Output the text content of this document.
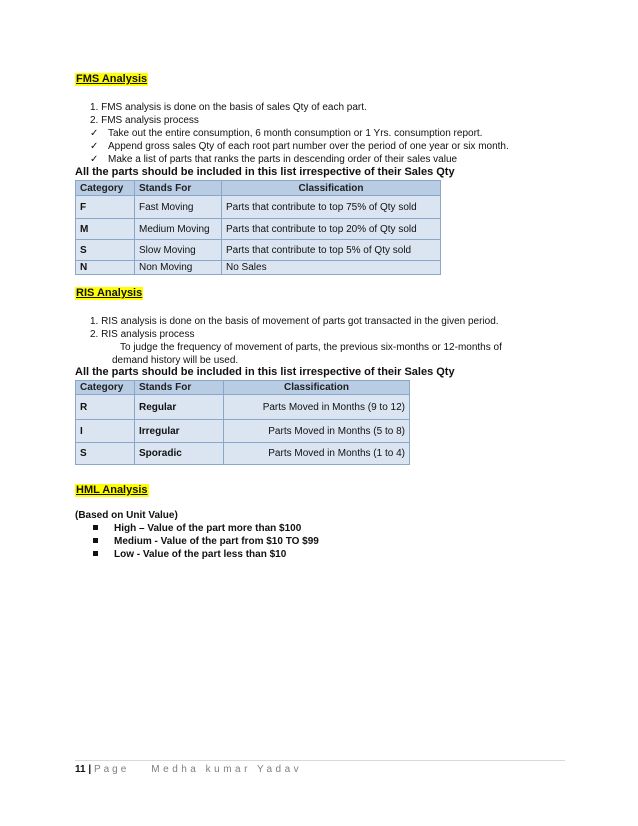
FMS Analysis
1. FMS analysis is done on the basis of sales Qty of each part.
2. FMS analysis process
✓ Take out the entire consumption, 6 month consumption or 1 Yrs. consumption report.
✓ Append gross sales Qty of each root part number over the period of one year or six month.
✓ Make a list of parts that ranks the parts in descending order of their sales value
All the parts should be included in this list irrespective of their Sales Qty
Category	Stands For	Classification
F	Fast Moving	Parts that contribute to top 75% of Qty sold
M	Medium Moving	Parts that contribute to top 20% of Qty sold
S	Slow Moving	Parts that contribute to top 5% of Qty sold
N	Non Moving	No Sales
RIS Analysis
1. RIS analysis is done on the basis of movement of parts got transacted in the given period.
2. RIS analysis process
To judge the frequency of movement of parts, the previous six-months or 12-months of
demand history will be used.
All the parts should be included in this list irrespective of their Sales Qty
Category	Stands For	Classification
R	Regular	Parts Moved in Months (9 to 12)
I	Irregular	Parts Moved in Months (5 to 8)
S	Sporadic	Parts Moved in Months (1 to 4)
HML Analysis
(Based on Unit Value)
High – Value of the part more than $100
Medium - Value of the part from $10 TO $99
Low - Value of the part less than $10
11 | Page Medha kumar Yadav
